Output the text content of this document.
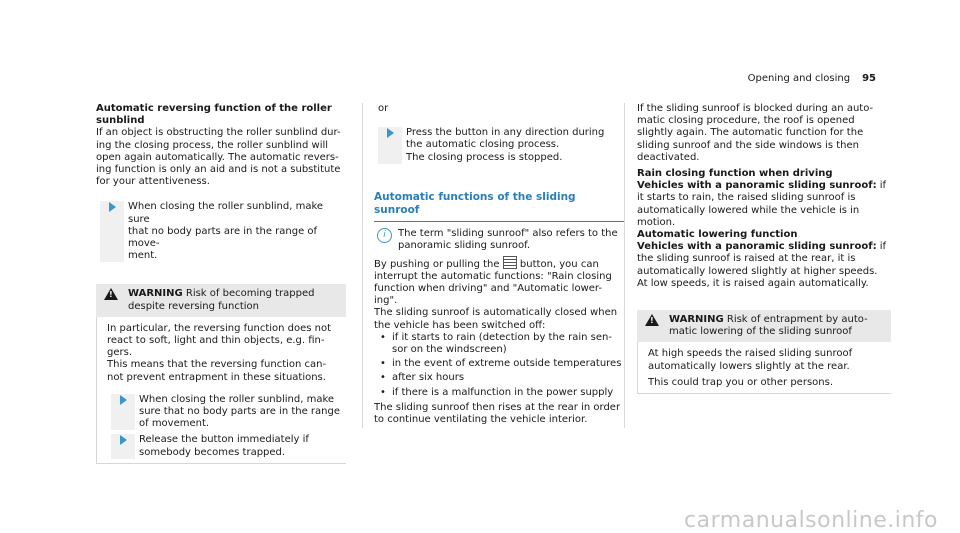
Opening and closing 95

Automatic reversing function of the roller
sunblind

If an object is obstructing the roller sunblind dur-
ing the closing process, the roller sunblind will
open again automatically. The automatic revers-
ing function is only an aid and is not a substitute
for your attentiveness.

When closing the roller sunblind, make sure
that no body parts are in the range of move-
ment.
! WARNING Risk of becoming trapped
despite reversing function

In particular, the reversing function does not
react to soft, light and thin objects, e.g. fin-
gers.

This means that the reversing function can-
not prevent entrapment in these situations.

When closing the roller sunblind, make
sure that no body parts are in the range
of movement.
Release the button immediately if
somebody becomes trapped.

or

Press the button in any direction during
the automatic closing process.
The closing process is stopped.
Automatic functions of the sliding sunroof
i	The term "sliding sunroof" also refers to the
panoramic sliding sunroof.

By pushing or pulling the button, you can
interrupt the automatic functions: "Rain closing
function when driving" and "Automatic lower-
ing".

The sliding sunroof is automatically closed when
the vehicle has been switched off:

• if it starts to rain (detection by the rain sen-
sor on the windscreen)
• in the event of extreme outside temperatures
• after six hours
• if there is a malfunction in the power supply

The sliding sunroof then rises at the rear in order
to continue ventilating the vehicle interior.

If the sliding sunroof is blocked during an auto-
matic closing procedure, the roof is opened
slightly again. The automatic function for the
sliding sunroof and the side windows is then
deactivated.

Rain closing function when driving

Vehicles with a panoramic sliding sunroof: if
it starts to rain, the raised sliding sunroof is
automatically lowered while the vehicle is in
motion.

Automatic lowering function

Vehicles with a panoramic sliding sunroof: if
the sliding sunroof is raised at the rear, it is
automatically lowered slightly at higher speeds.
At low speeds, it is raised again automatically.

! WARNING Risk of entrapment by auto-
matic lowering of the sliding sunroof

At high speeds the raised sliding sunroof
automatically lowers slightly at the rear.

This could trap you or other persons.

carmanualsonline.info
